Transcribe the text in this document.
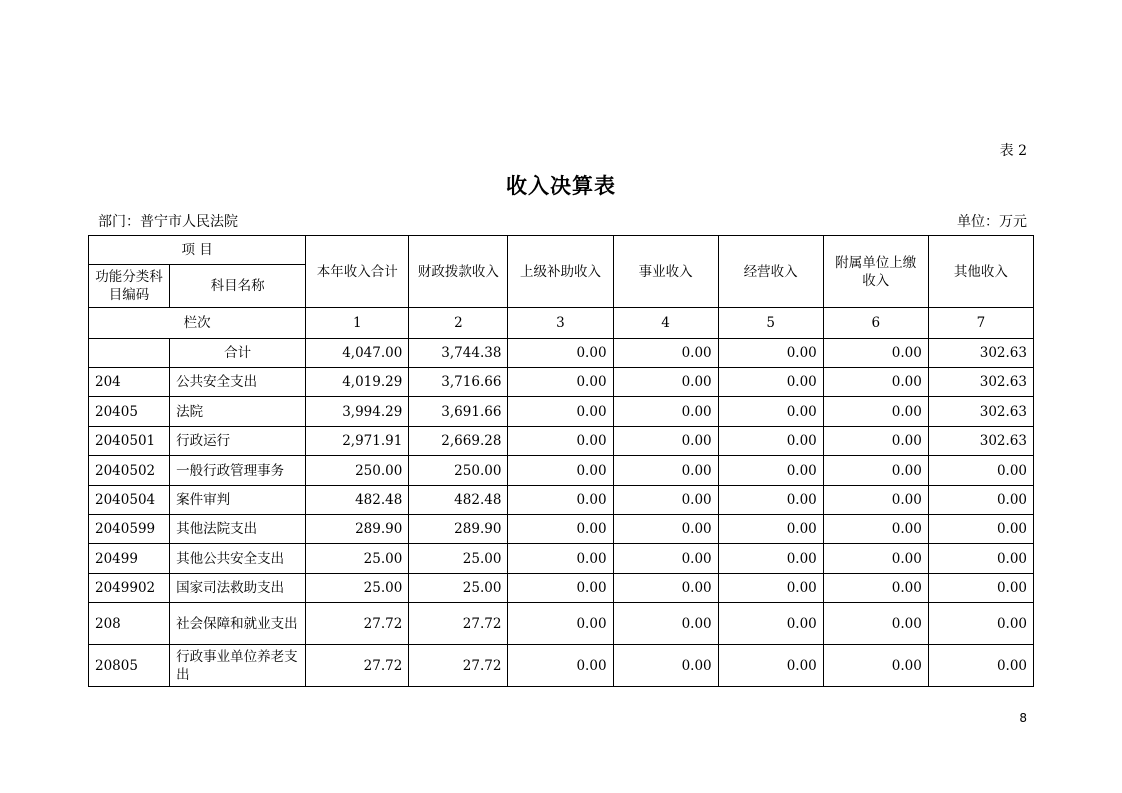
表 2
收入决算表
部门：普宁市人民法院	单位：万元
项 目		本年收入合计	财政拨款收入	上级补助收入	事业收入	经营收入	附属单位上缴收入	其他收入
功能分类科目编码	科目名称							
栏次		1	2	3	4	5	6	7
	合计	4,047.00	3,744.38	0.00	0.00	0.00	0.00	302.63
204	公共安全支出	4,019.29	3,716.66	0.00	0.00	0.00	0.00	302.63
20405	法院	3,994.29	3,691.66	0.00	0.00	0.00	0.00	302.63
2040501	行政运行	2,971.91	2,669.28	0.00	0.00	0.00	0.00	302.63
2040502	一般行政管理事务	250.00	250.00	0.00	0.00	0.00	0.00	0.00
2040504	案件审判	482.48	482.48	0.00	0.00	0.00	0.00	0.00
2040599	其他法院支出	289.90	289.90	0.00	0.00	0.00	0.00	0.00
20499	其他公共安全支出	25.00	25.00	0.00	0.00	0.00	0.00	0.00
2049902	国家司法救助支出	25.00	25.00	0.00	0.00	0.00	0.00	0.00
208	社会保障和就业支出	27.72	27.72	0.00	0.00	0.00	0.00	0.00
20805	行政事业单位养老支出	27.72	27.72	0.00	0.00	0.00	0.00	0.00
8
